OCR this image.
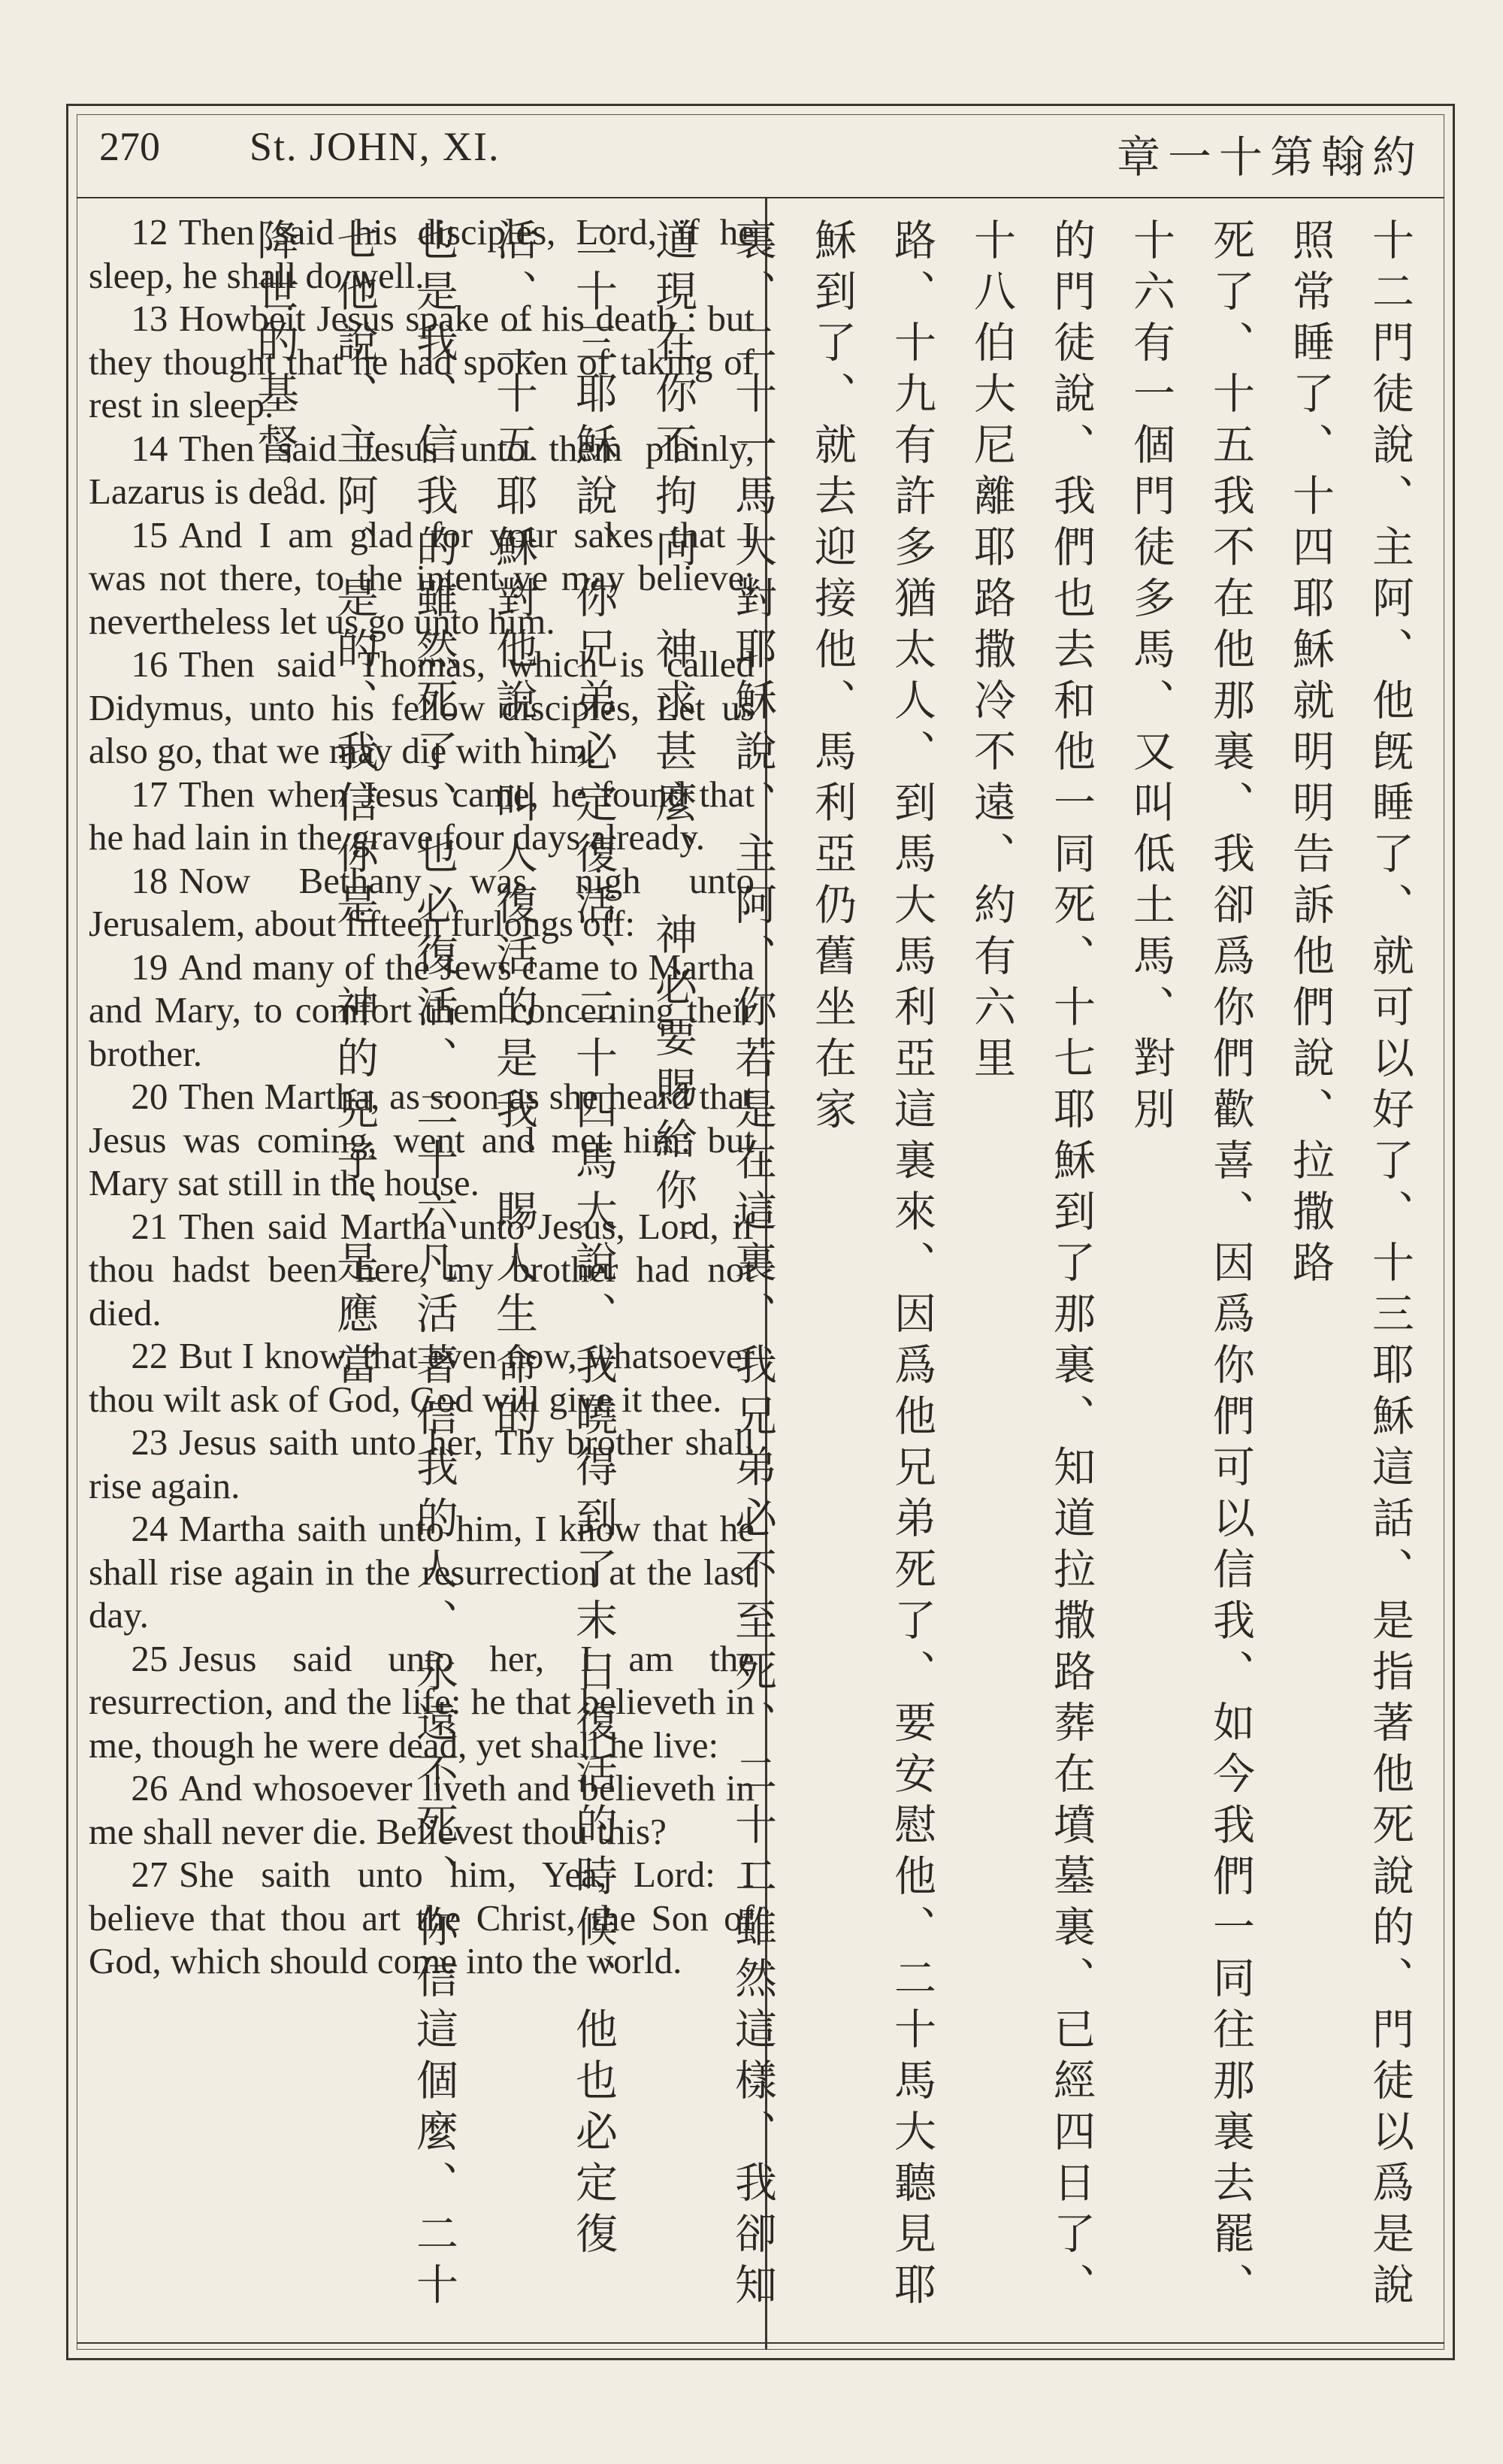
270 St. JOHN, XI.	約翰第十一章

12 Then said his disciples, Lord, if he sleep, he shall do well.

13 Howbeit Jesus spake of his death : but they thought that he had spoken of taking of rest in sleep.

14 Then said Jesus unto them plainly, Lazarus is dead.

15 And I am glad for your sakes that I was not there, to the intent ye may believe; nevertheless let us go unto him.

16 Then said Thomas, which is called Didymus, unto his fellow disciples, Let us also go, that we may die with him.

17 Then when Jesus came, he found that he had lain in the grave four days already.

18 Now Bethany was nigh unto Jerusalem, about fifteen furlongs off:

19 And many of the Jews came to Martha and Mary, to comfort them concerning their brother.

20 Then Martha, as soon as she heard that Jesus was coming, went and met him: but Mary sat still in the house.

21 Then said Martha unto Jesus, Lord, if thou hadst been here, my brother had not died.

22 But I know, that even now, whatsoever thou wilt ask of God, God will give it thee.

23 Jesus saith unto her, Thy brother shall rise again.

24 Martha saith unto him, I know that he shall rise again in the resurrection at the last day.

25 Jesus said unto her, I am the resurrection, and the life: he that believeth in me, though he were dead, yet shall he live:

26 And whosoever liveth and believeth in me shall never die. Believest thou this?

27 She saith unto him, Yea, Lord: I believe that thou art the Christ, the Son of God, which should come into the world.	十二門徒說、主阿、他旣睡了、就可以好了、十三耶穌這話、是指著他死說的、門徒以爲是說照常睡了、十四耶穌就明明告訴他們說、拉撒路
死了、十五我不在他那裏、我卻爲你們歡喜、因爲你們可以信我、如今我們一同往那裏去罷、十六有一個門徒多馬、又叫低土馬、對別
的門徒說、我們也去和他一同死、十七耶穌到了那裏、知道拉撒路葬在墳墓裏、已經四日了、十八伯大尼離耶路撒冷不遠、約有六里
路、十九有許多猶太人、到馬大馬利亞這裏來、因爲他兄弟死了、要安慰他、二十馬大聽見耶穌到了、就去迎接他、馬利亞仍舊坐在家
裏、二十一馬大對耶穌說、主阿、你若是在這裏、我兄弟必不至死、二十二雖然這樣、我卻知道現在你不拘向　神求甚麼、　神必要賜給你。
二十三耶穌說、你兄弟必定復活、二十四馬大說、我曉得到了末日復活的時候、他也必定復活、二十五耶穌對他說、叫人復活的是我、賜人生命的
也是我、信我的雖然死了、也必復活、二十六凡活著信我的人、永遠不死、你信這個麼、二十七他說、主阿、是的、我信你是　神的兒子、是應當
降世的基督。
